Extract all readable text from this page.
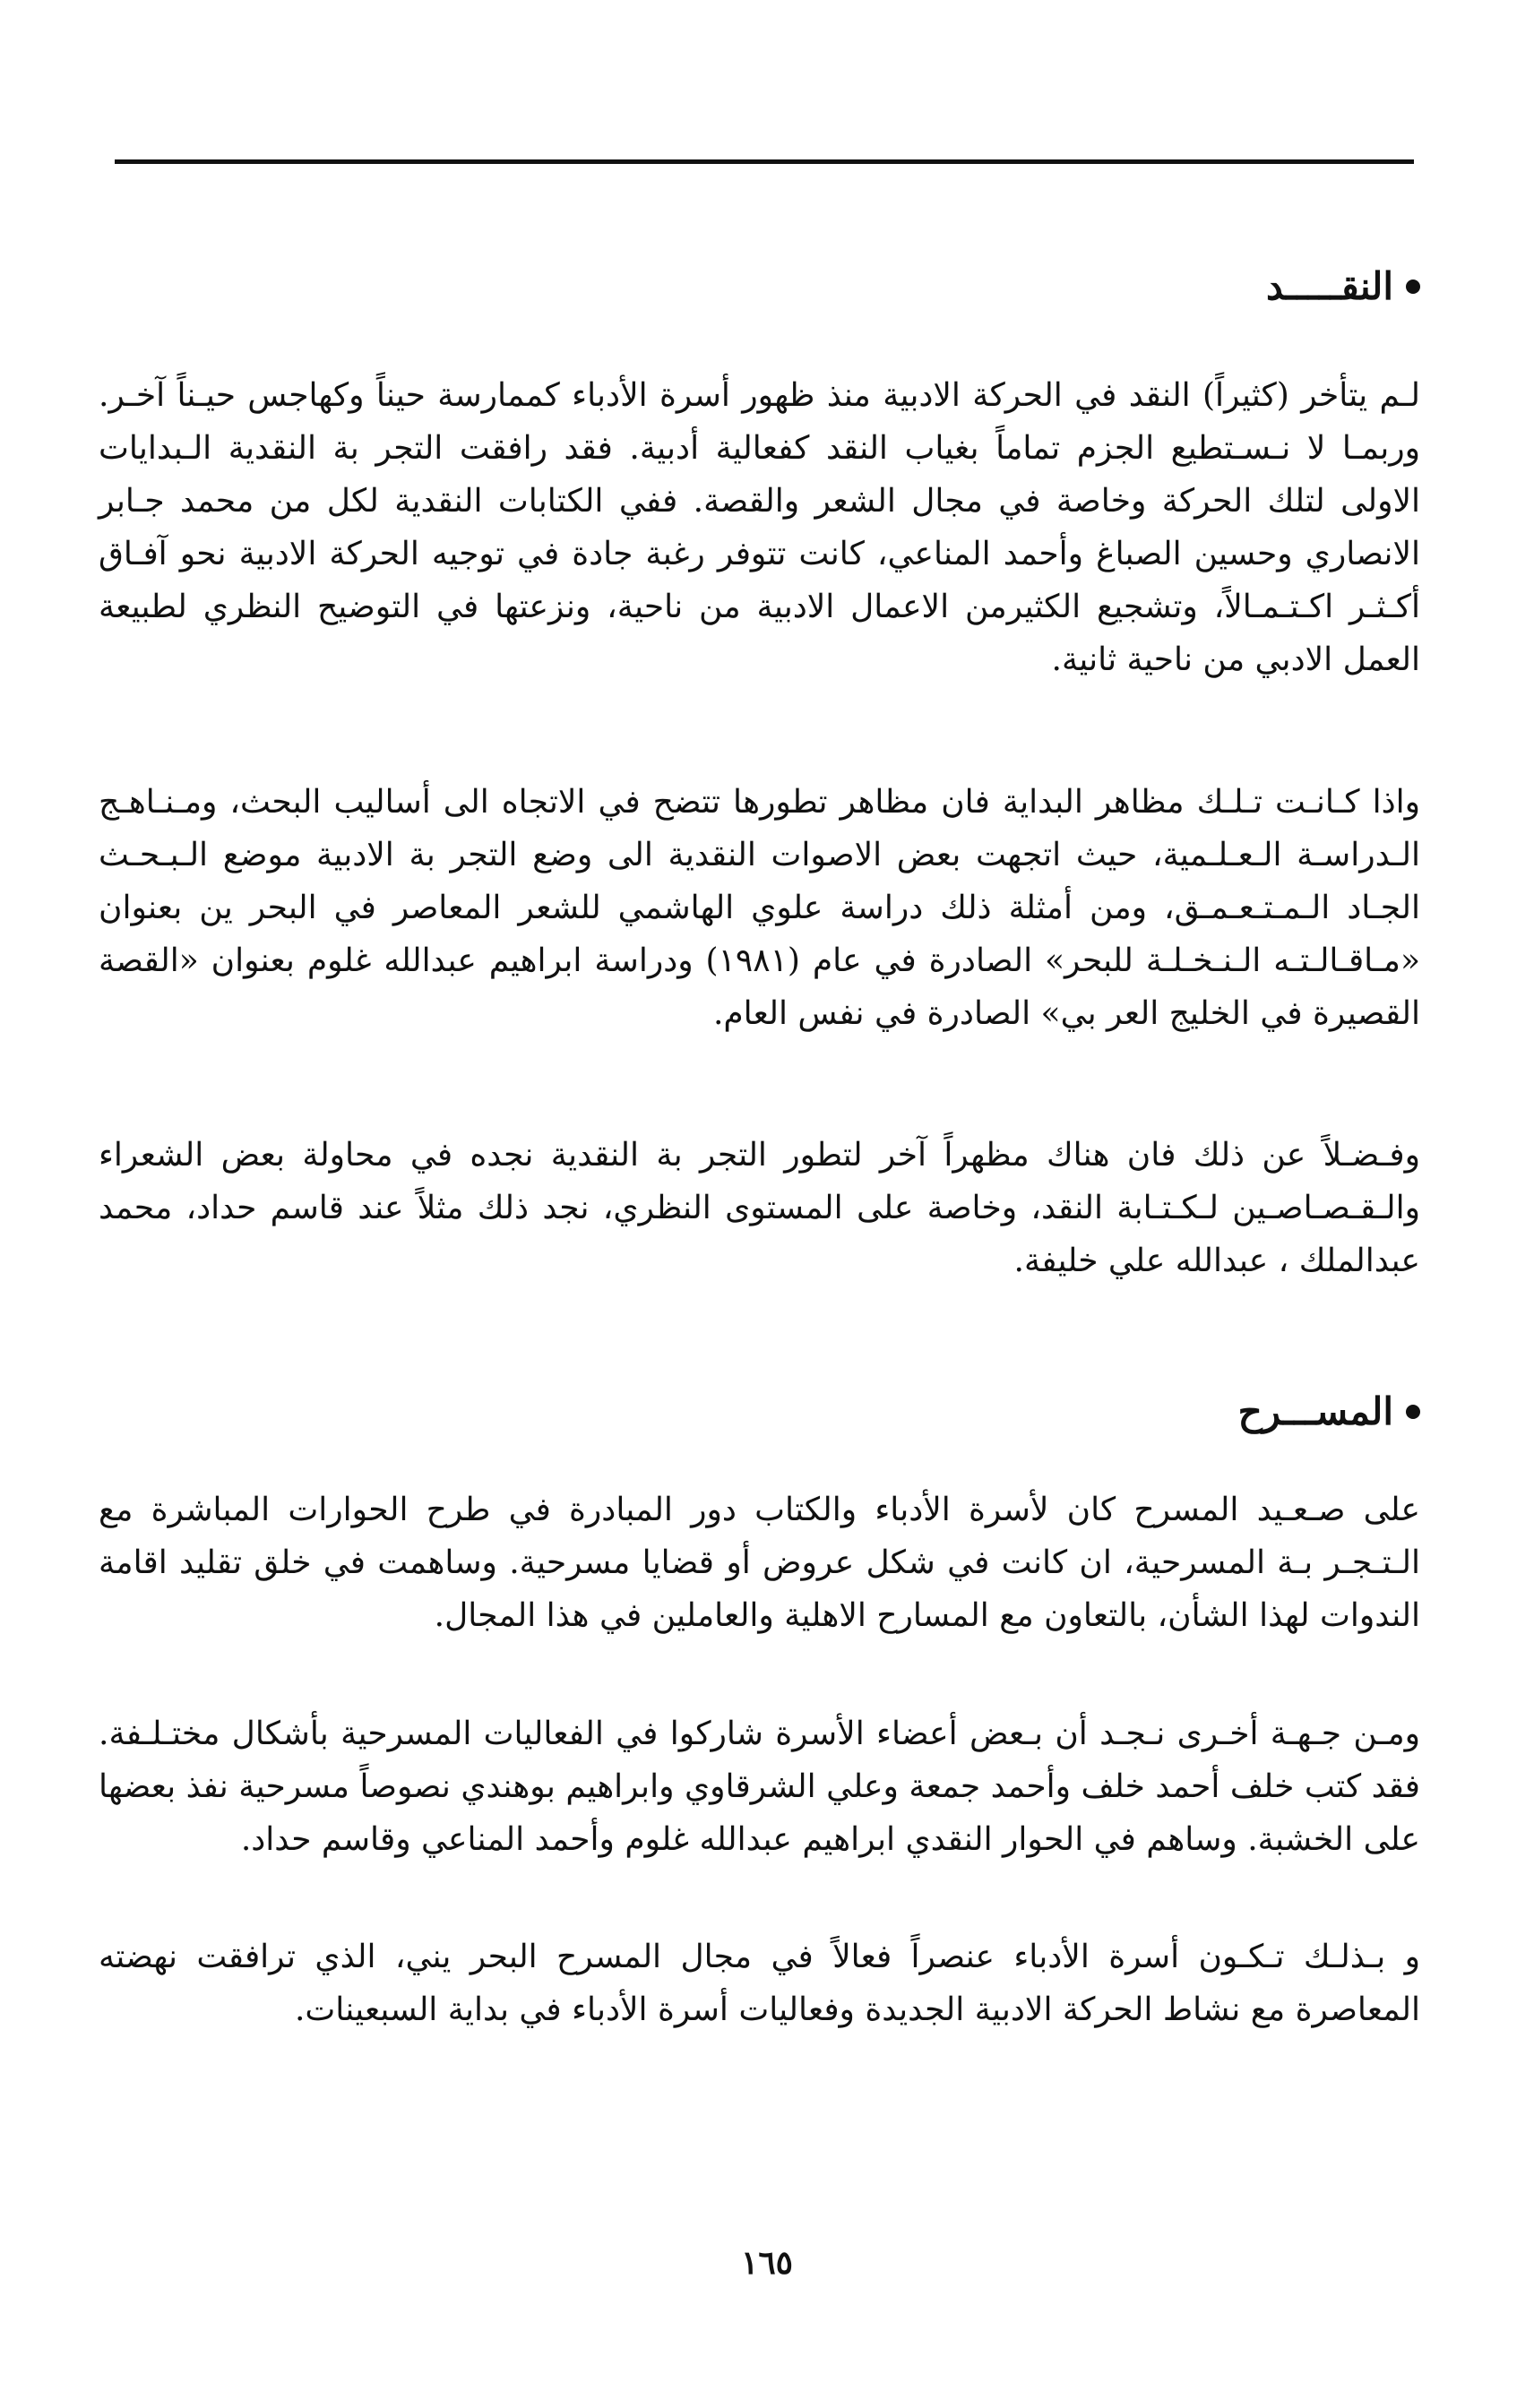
النقـــــد

لـم يتأخر (كثيراً) النقد في الحركة الادبية منذ ظهور أسرة الأدباء كممارسة حيناً وكهاجس حيـناً آخـر. وربمـا لا نـسـتطيع الجزم تماماً بغياب النقد كفعالية أدبية. فقد رافقت التجر بة النقدية الـبدايات الاولى لتلك الحركة وخاصة في مجال الشعر والقصة. ففي الكتابات النقدية لكل من محمد جـابر الانصاري وحسين الصباغ وأحمد المناعي، كانت تتوفر رغبة جادة في توجيه الحركة الادبية نحو آفـاق أكـثـر اكـتـمـالاً، وتشجيع الكثيرمن الاعمال الادبية من ناحية، ونزعتها في التوضيح النظري لطبيعة العمل الادبي من ناحية ثانية.

واذا كـانـت تـلـك مظاهر البداية فان مظاهر تطورها تتضح في الاتجاه الى أساليب البحث، ومـنـاهـج الـدراسـة الـعـلـمية، حيث اتجهت بعض الاصوات النقدية الى وضع التجر بة الادبية موضع الـبـحـث الجـاد الـمـتـعـمـق، ومن أمثلة ذلك دراسة علوي الهاشمي للشعر المعاصر في البحر ين بعنوان «مـاقـالـتـه الـنـخـلـة للبحر» الصادرة في عام (١٩٨١) ودراسة ابراهيم عبدالله غلوم بعنوان «القصة القصيرة في الخليج العر بي» الصادرة في نفس العام.

وفـضـلاً عن ذلك فان هناك مظهراً آخر لتطور التجر بة النقدية نجده في محاولة بعض الشعراء والـقـصـاصـين لـكـتـابة النقد، وخاصة على المستوى النظري، نجد ذلك مثلاً عند قاسم حداد، محمد عبدالملك ، عبدالله علي خليفة.

المســـرح

على صـعـيد المسرح كان لأسرة الأدباء والكتاب دور المبادرة في طرح الحوارات المباشرة مع الـتـجـر بـة المسرحية، ان كانت في شكل عروض أو قضايا مسرحية. وساهمت في خلق تقليد اقامة الندوات لهذا الشأن، بالتعاون مع المسارح الاهلية والعاملين في هذا المجال.

ومـن جـهـة أخـرى نـجـد أن بـعض أعضاء الأسرة شاركوا في الفعاليات المسرحية بأشكال مختـلـفة. فقد كتب خلف أحمد خلف وأحمد جمعة وعلي الشرقاوي وابراهيم بوهندي نصوصاً مسرحية نفذ بعضها على الخشبة. وساهم في الحوار النقدي ابراهيم عبدالله غلوم وأحمد المناعي وقاسم حداد.

و بـذلـك تـكـون أسرة الأدباء عنصراً فعالاً في مجال المسرح البحر يني، الذي ترافقت نهضته المعاصرة مع نشاط الحركة الادبية الجديدة وفعاليات أسرة الأدباء في بداية السبعينات.

١٦٥
